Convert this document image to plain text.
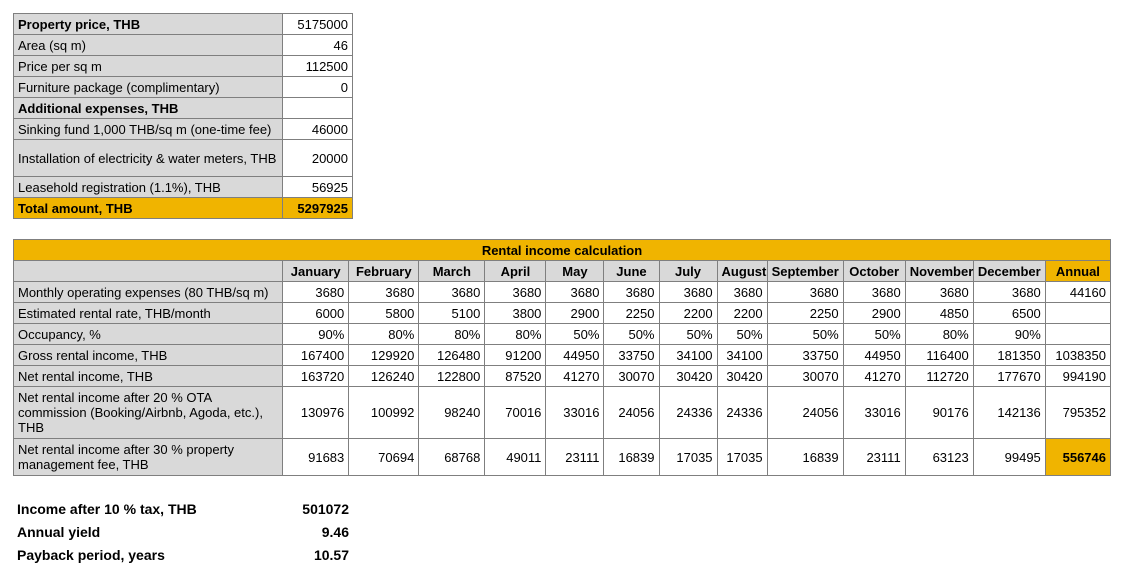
Property price, THB	5175000
Area (sq m)	46
Price per sq m	112500
Furniture package (complimentary)	0
Additional expenses, THB	
Sinking fund 1,000 THB/sq m (one-time fee)	46000
Installation of electricity & water meters, THB	20000
Leasehold registration (1.1%), THB	56925
Total amount, THB	5297925
Rental income calculation													
	January	February	March	April	May	June	July	August	September	October	November	December	Annual
Monthly operating expenses (80 THB/sq m)	3680	3680	3680	3680	3680	3680	3680	3680	3680	3680	3680	3680	44160
Estimated rental rate, THB/month	6000	5800	5100	3800	2900	2250	2200	2200	2250	2900	4850	6500	
Occupancy, %	90%	80%	80%	80%	50%	50%	50%	50%	50%	50%	80%	90%	
Gross rental income, THB	167400	129920	126480	91200	44950	33750	34100	34100	33750	44950	116400	181350	1038350
Net rental income, THB	163720	126240	122800	87520	41270	30070	30420	30420	30070	41270	112720	177670	994190
Net rental income after 20 % OTA commission (Booking/Airbnb, Agoda, etc.), THB	130976	100992	98240	70016	33016	24056	24336	24336	24056	33016	90176	142136	795352
Net rental income after 30 % property management fee, THB	91683	70694	68768	49011	23111	16839	17035	17035	16839	23111	63123	99495	556746
Income after 10 % tax, THB	501072
Annual yield	9.46
Payback period, years	10.57
